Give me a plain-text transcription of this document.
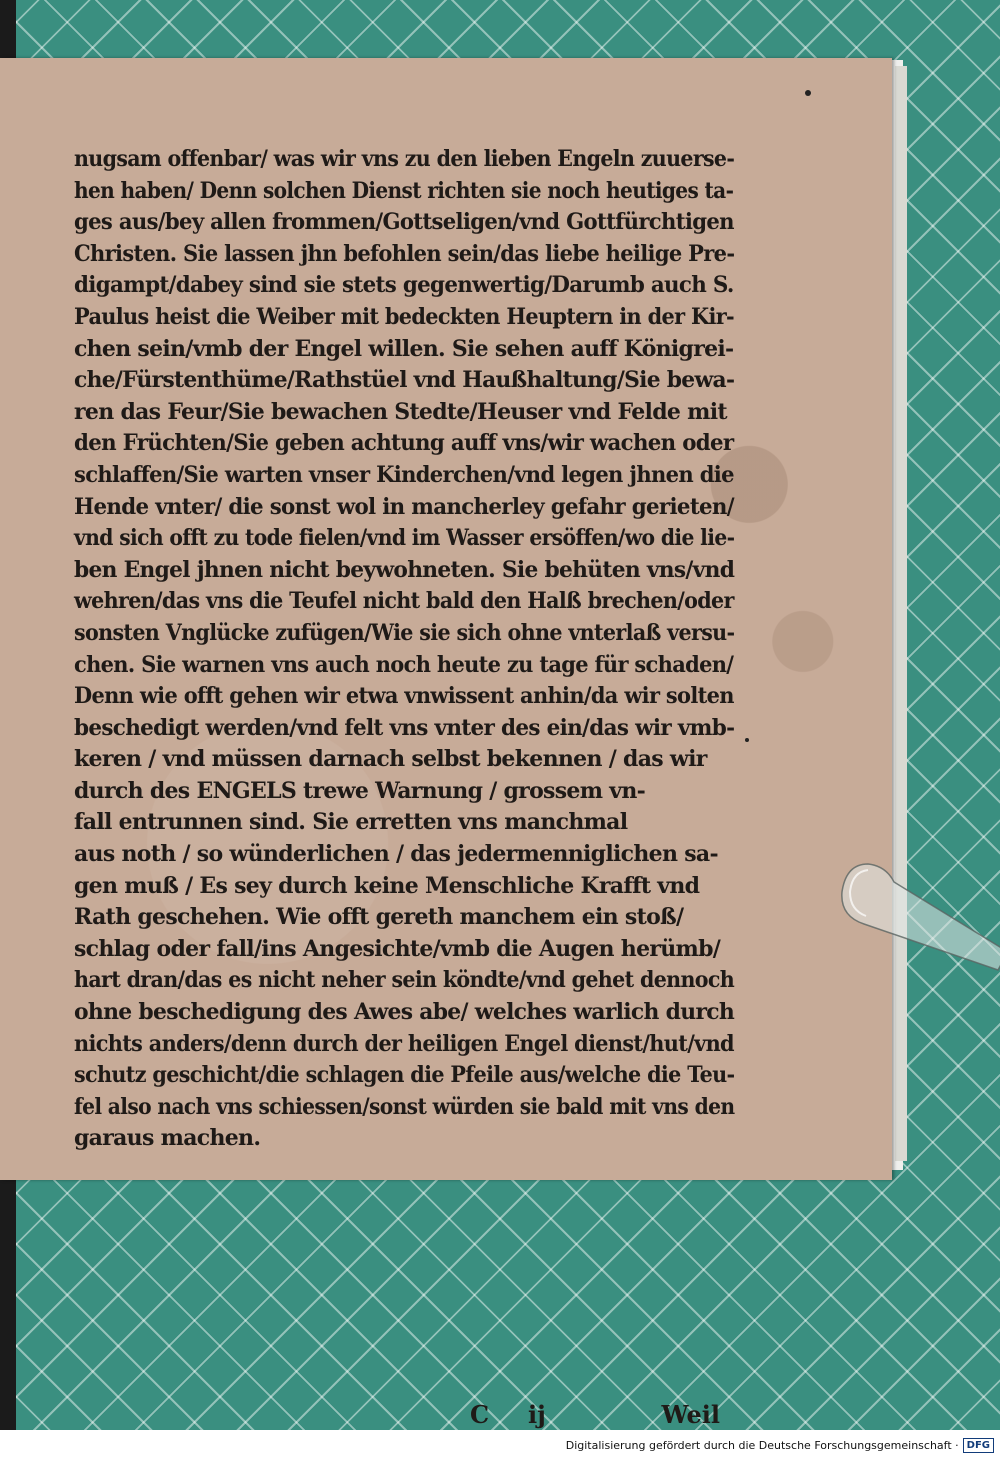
nugsam offenbar/ was wir vns zu den lieben Engeln zuuerse-
hen haben/ Denn solchen Dienst richten sie noch heutiges ta-
ges aus/bey allen frommen/Gottseligen/vnd Gottfürchtigen
Christen. Sie lassen jhn befohlen sein/das liebe heilige Pre-
digampt/dabey sind sie stets gegenwertig/Darumb auch S.
Paulus heist die Weiber mit bedeckten Heuptern in der Kir-
chen sein/vmb der Engel willen. Sie sehen auff Königrei-
che/Fürstenthüme/Rathstüel vnd Haußhaltung/Sie bewa-
ren das Feur/Sie bewachen Stedte/Heuser vnd Felde mit
den Früchten/Sie geben achtung auff vns/wir wachen oder
schlaffen/Sie warten vnser Kinderchen/vnd legen jhnen die
Hende vnter/ die sonst wol in mancherley gefahr gerieten/
vnd sich offt zu tode fielen/vnd im Wasser ersöffen/wo die lie-
ben Engel jhnen nicht beywohneten. Sie behüten vns/vnd
wehren/das vns die Teufel nicht bald den Halß brechen/oder
sonsten Vnglücke zufügen/Wie sie sich ohne vnterlaß versu-
chen. Sie warnen vns auch noch heute zu tage für schaden/
Denn wie offt gehen wir etwa vnwissent anhin/da wir solten
beschedigt werden/vnd felt vns vnter des ein/das wir vmb-
keren / vnd müssen darnach selbst bekennen / das wir
durch des ENGELS trewe Warnung / grossem vn-
fall entrunnen sind. Sie erretten vns manchmal
aus noth / so wünderlichen / das jedermenniglichen sa-
gen muß / Es sey durch keine Menschliche Krafft vnd
Rath geschehen. Wie offt gereth manchem ein stoß/
schlag oder fall/ins Angesichte/vmb die Augen herümb/
hart dran/das es nicht neher sein köndte/vnd gehet dennoch
ohne beschedigung des Awes abe/ welches warlich durch
nichts anders/denn durch der heiligen Engel dienst/hut/vnd
schutz geschicht/die schlagen die Pfeile aus/welche die Teu-
fel also nach vns schiessen/sonst würden sie bald mit vns den
garaus machen.
C ij	Weil
Digitalisierung gefördert durch die Deutsche Forschungsgemeinschaft · DFG
